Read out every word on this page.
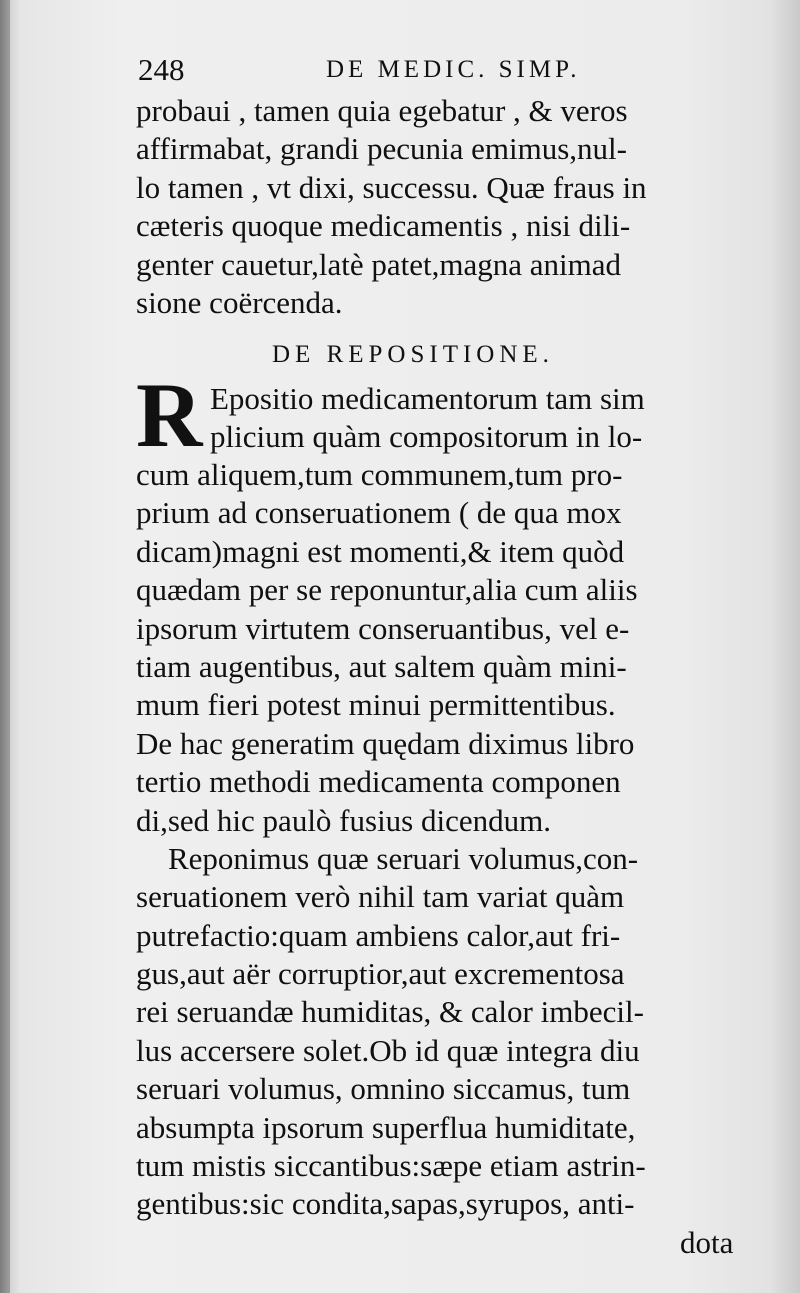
248	DE MEDIC. SIMP.
probaui , tamen quia egebatur , & veros
affirmabat, grandi pecunia emimus,nul-
lo tamen , vt dixi, successu. Quæ fraus in
cæteris quoque medicamentis , nisi dili-
genter cauetur,latè patet,magna animad
sione coërcenda.
DE REPOSITIONE.
R Epositio medicamentorum tam sim
plicium quàm compositorum in lo-
cum aliquem,tum communem,tum pro-
prium ad conseruationem ( de qua mox
dicam)magni est momenti,& item quòd
quædam per se reponuntur,alia cum aliis
ipsorum virtutem conseruantibus, vel e-
tiam augentibus, aut saltem quàm mini-
mum fieri potest minui permittentibus.
De hac generatim quędam diximus libro
tertio methodi medicamenta componen
di,sed hic paulò fusius dicendum.
Reponimus quæ seruari volumus,con-
seruationem verò nihil tam variat quàm
putrefactio:quam ambiens calor,aut fri-
gus,aut aër corruptior,aut excrementosa
rei seruandæ humiditas, & calor imbecil-
lus accersere solet.Ob id quæ integra diu
seruari volumus, omnino siccamus, tum
absumpta ipsorum superflua humiditate,
tum mistis siccantibus:sæpe etiam astrin-
gentibus:sic condita,sapas,syrupos, anti-
dota
